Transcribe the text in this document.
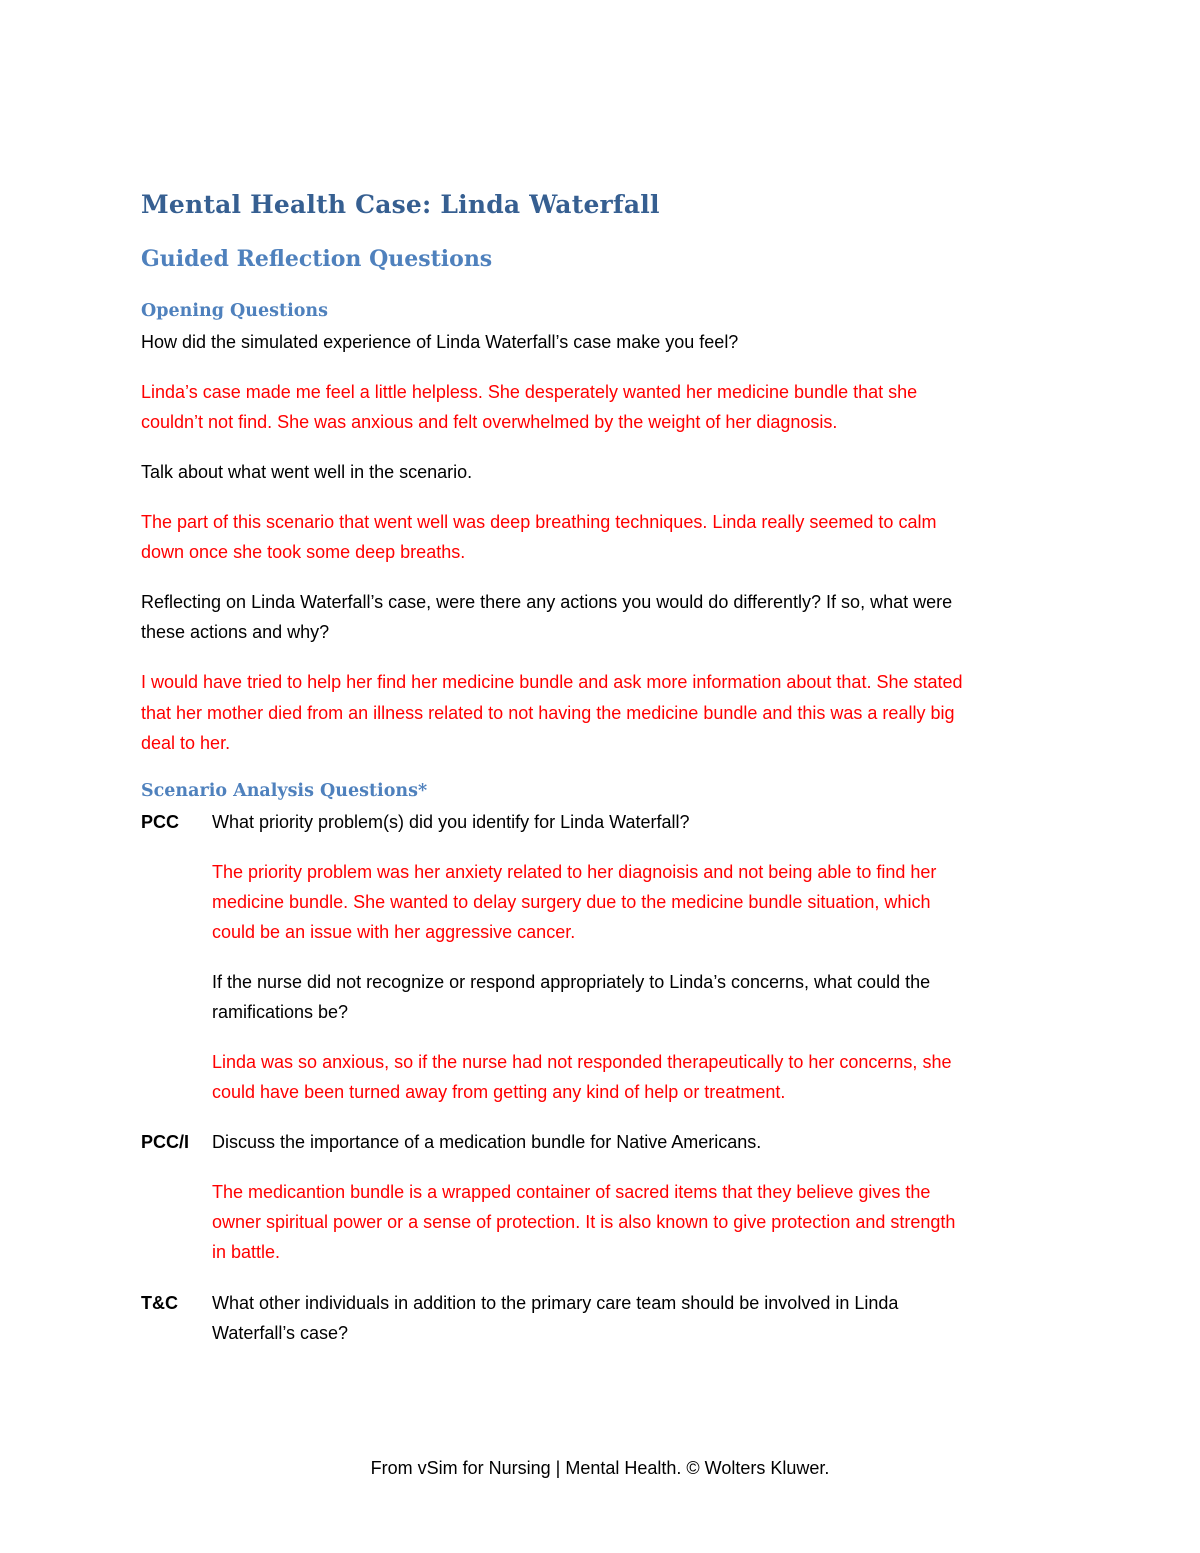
Mental Health Case: Linda Waterfall
Guided Reflection Questions
Opening Questions
How did the simulated experience of Linda Waterfall’s case make you feel?
Linda’s case made me feel a little helpless. She desperately wanted her medicine bundle that she
couldn’t not find. She was anxious and felt overwhelmed by the weight of her diagnosis.
Talk about what went well in the scenario.
The part of this scenario that went well was deep breathing techniques. Linda really seemed to calm
down once she took some deep breaths.
Reflecting on Linda Waterfall’s case, were there any actions you would do differently? If so, what were
these actions and why?
I would have tried to help her find her medicine bundle and ask more information about that. She stated
that her mother died from an illness related to not having the medicine bundle and this was a really big
deal to her.
Scenario Analysis Questions*
PCC What priority problem(s) did you identify for Linda Waterfall?
The priority problem was her anxiety related to her diagnoisis and not being able to find her
medicine bundle. She wanted to delay surgery due to the medicine bundle situation, which
could be an issue with her aggressive cancer.
If the nurse did not recognize or respond appropriately to Linda’s concerns, what could the
ramifications be?
Linda was so anxious, so if the nurse had not responded therapeutically to her concerns, she
could have been turned away from getting any kind of help or treatment.
PCC/I Discuss the importance of a medication bundle for Native Americans.
The medicantion bundle is a wrapped container of sacred items that they believe gives the
owner spiritual power or a sense of protection. It is also known to give protection and strength
in battle.
T&C What other individuals in addition to the primary care team should be involved in Linda
Waterfall’s case?
From vSim for Nursing | Mental Health. © Wolters Kluwer.
